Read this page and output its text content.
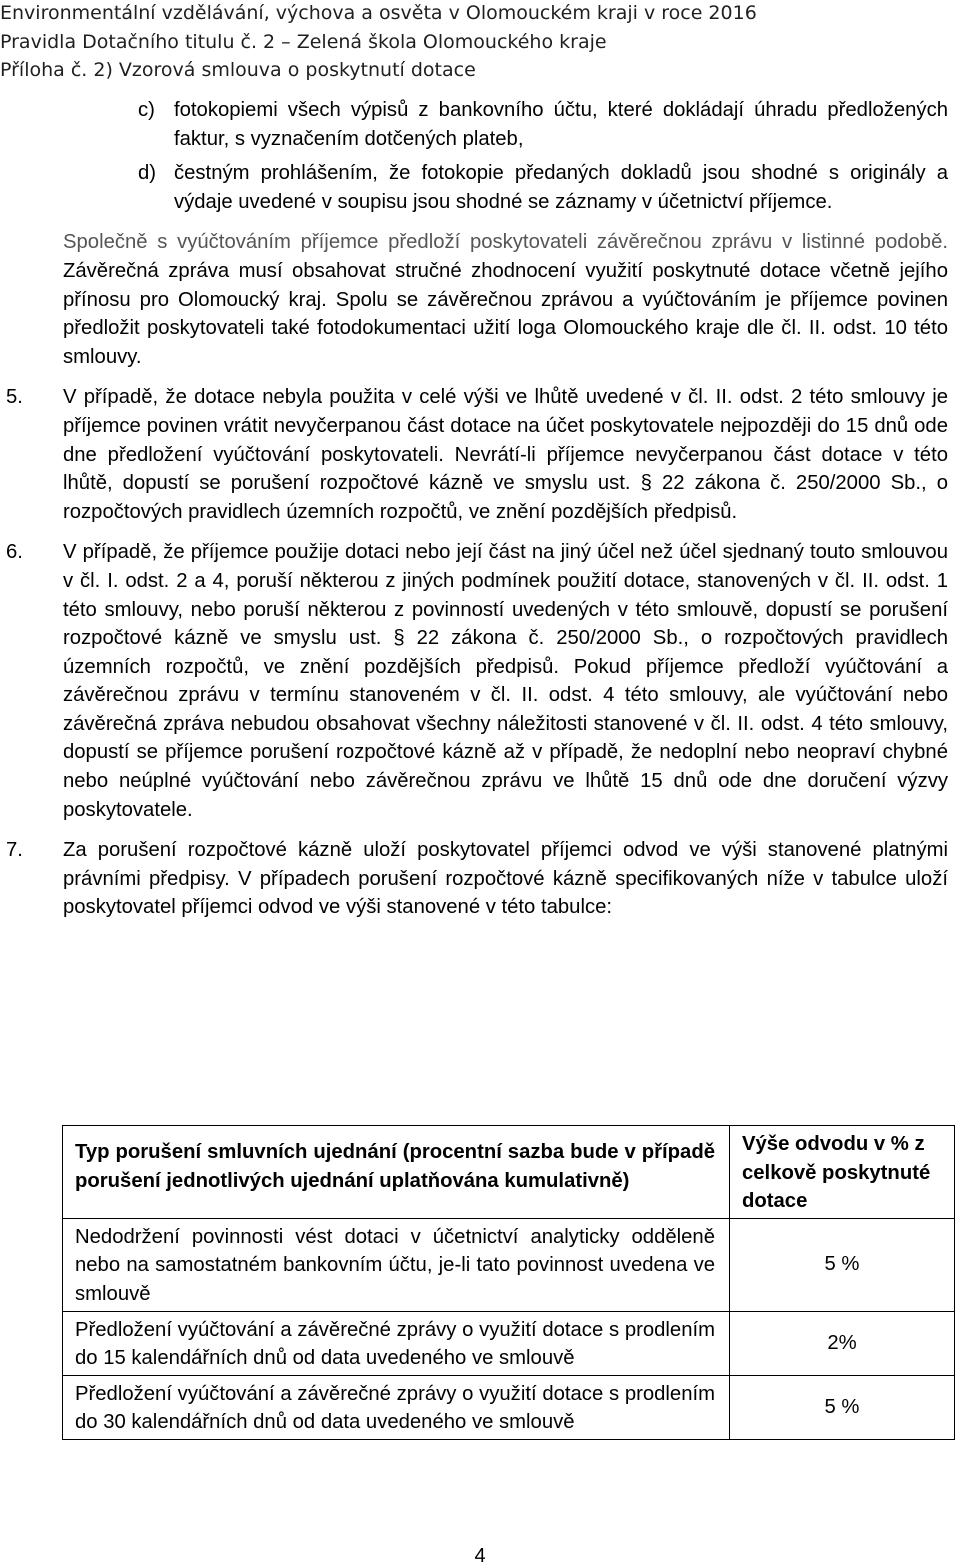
Environmentální vzdělávání, výchova a osvěta v Olomouckém kraji v roce 2016
Pravidla Dotačního titulu č. 2 – Zelená škola Olomouckého kraje
Příloha č. 2) Vzorová smlouva o poskytnutí dotace
c) fotokopiemi všech výpisů z bankovního účtu, které dokládají úhradu předložených faktur, s vyznačením dotčených plateb,
d) čestným prohlášením, že fotokopie předaných dokladů jsou shodné s originály a výdaje uvedené v soupisu jsou shodné se záznamy v účetnictví příjemce.
Společně s vyúčtováním příjemce předloží poskytovateli závěrečnou zprávu v listinné podobě. Závěrečná zpráva musí obsahovat stručné zhodnocení využití poskytnuté dotace včetně jejího přínosu pro Olomoucký kraj. Spolu se závěrečnou zprávou a vyúčtováním je příjemce povinen předložit poskytovateli také fotodokumentaci užití loga Olomouckého kraje dle čl. II. odst. 10 této smlouvy.
5. V případě, že dotace nebyla použita v celé výši ve lhůtě uvedené v čl. II. odst. 2 této smlouvy je příjemce povinen vrátit nevyčerpanou část dotace na účet poskytovatele nejpozději do 15 dnů ode dne předložení vyúčtování poskytovateli. Nevrátí-li příjemce nevyčerpanou část dotace v této lhůtě, dopustí se porušení rozpočtové kázně ve smyslu ust. § 22 zákona č. 250/2000 Sb., o rozpočtových pravidlech územních rozpočtů, ve znění pozdějších předpisů.
6. V případě, že příjemce použije dotaci nebo její část na jiný účel než účel sjednaný touto smlouvou v čl. I. odst. 2 a 4, poruší některou z jiných podmínek použití dotace, stanovených v čl. II. odst. 1 této smlouvy, nebo poruší některou z povinností uvedených v této smlouvě, dopustí se porušení rozpočtové kázně ve smyslu ust. § 22 zákona č. 250/2000 Sb., o rozpočtových pravidlech územních rozpočtů, ve znění pozdějších předpisů. Pokud příjemce předloží vyúčtování a závěrečnou zprávu v termínu stanoveném v čl. II. odst. 4 této smlouvy, ale vyúčtování nebo závěrečná zpráva nebudou obsahovat všechny náležitosti stanovené v čl. II. odst. 4 této smlouvy, dopustí se příjemce porušení rozpočtové kázně až v případě, že nedoplní nebo neopraví chybné nebo neúplné vyúčtování nebo závěrečnou zprávu ve lhůtě 15 dnů ode dne doručení výzvy poskytovatele.
7. Za porušení rozpočtové kázně uloží poskytovatel příjemci odvod ve výši stanovené platnými právními předpisy. V případech porušení rozpočtové kázně specifikovaných níže v tabulce uloží poskytovatel příjemci odvod ve výši stanovené v této tabulce:
Typ porušení smluvních ujednání (procentní sazba bude v případě porušení jednotlivých ujednání uplatňována kumulativně)	Výše odvodu v % z celkově poskytnuté dotace
Nedodržení povinnosti vést dotaci v účetnictví analyticky odděleně nebo na samostatném bankovním účtu, je-li tato povinnost uvedena ve smlouvě	5 %
Předložení vyúčtování a závěrečné zprávy o využití dotace s prodlením do 15 kalendářních dnů od data uvedeného ve smlouvě	2%
Předložení vyúčtování a závěrečné zprávy o využití dotace s prodlením do 30 kalendářních dnů od data uvedeného ve smlouvě	5 %
4
